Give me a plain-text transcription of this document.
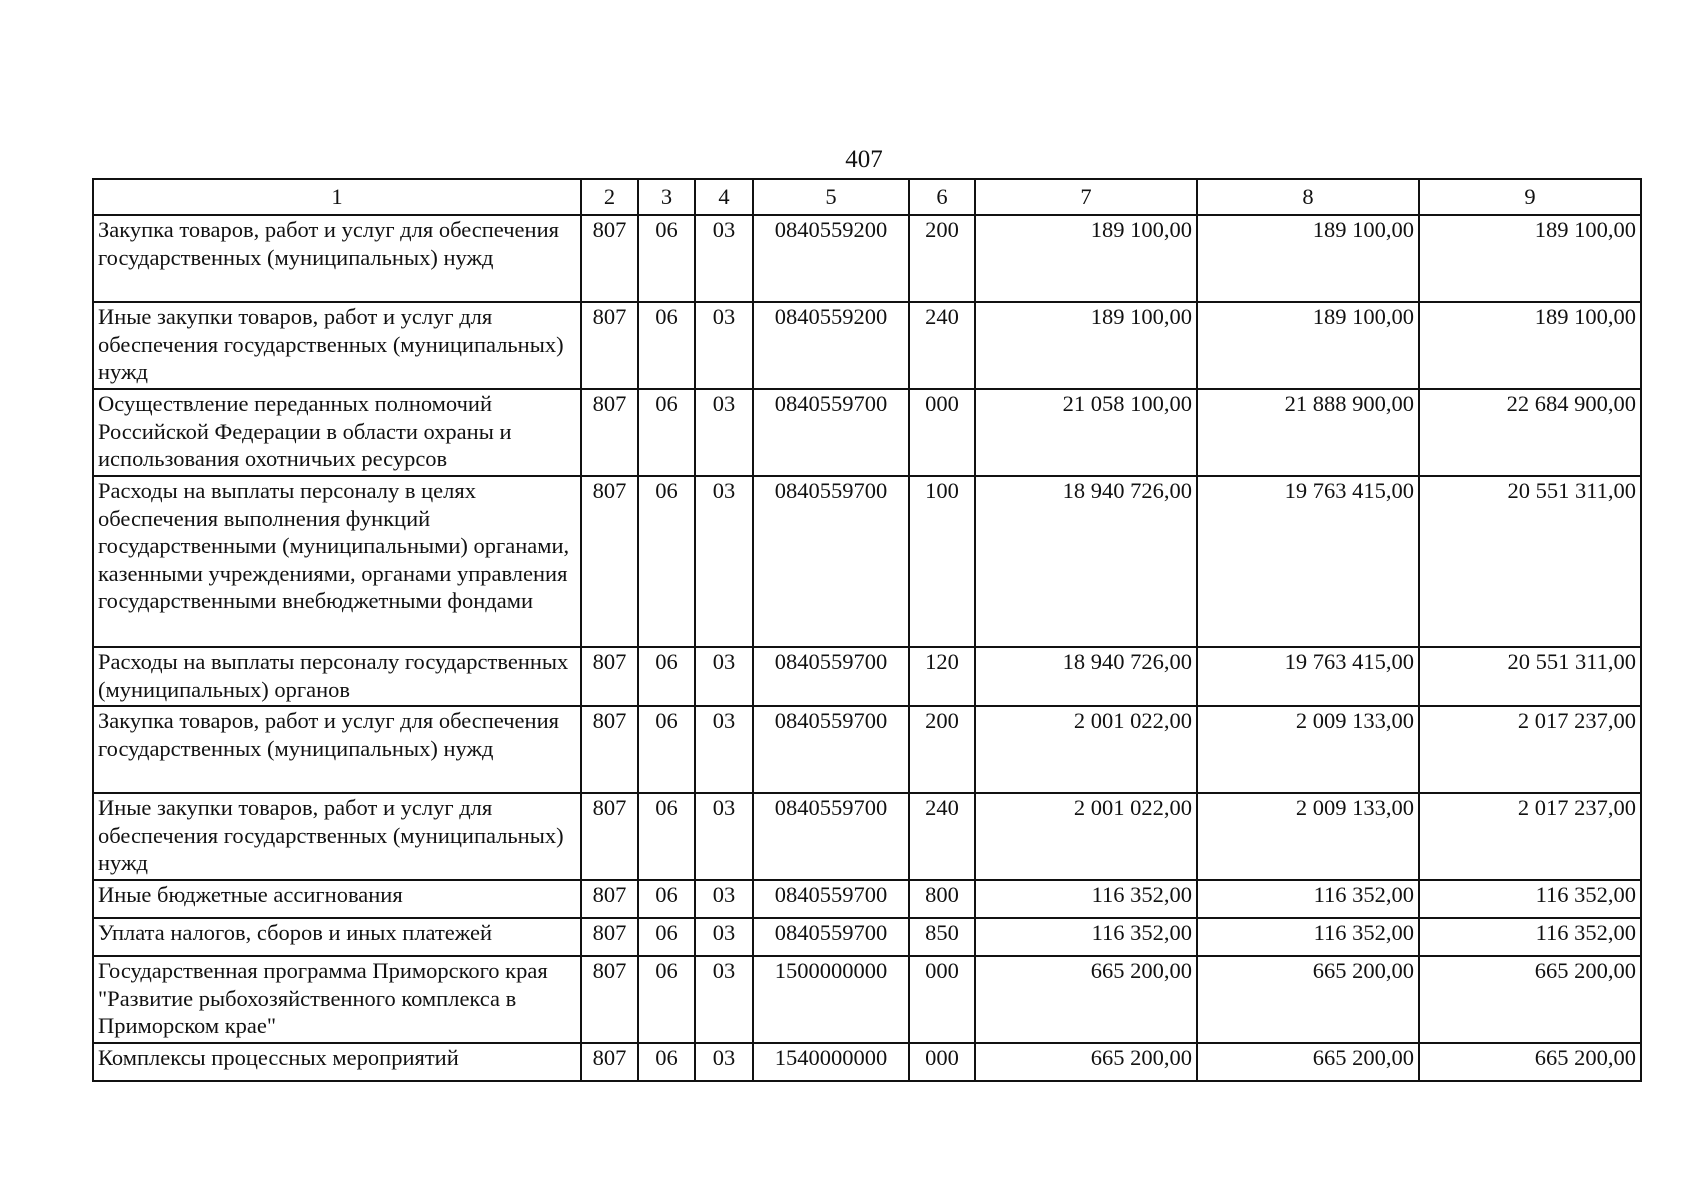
407
1	2	3	4	5	6	7	8	9
Закупка товаров, работ и услуг для обеспечения государственных (муниципальных) нужд	807	06	03	0840559200	200	189 100,00	189 100,00	189 100,00
Иные закупки товаров, работ и услуг для обеспечения государственных (муниципальных) нужд	807	06	03	0840559200	240	189 100,00	189 100,00	189 100,00
Осуществление переданных полномочий Российской Федерации в области охраны и использования охотничьих ресурсов	807	06	03	0840559700	000	21 058 100,00	21 888 900,00	22 684 900,00
Расходы на выплаты персоналу в целях обеспечения выполнения функций государственными (муниципальными) органами, казенными учреждениями, органами управления государственными внебюджетными фондами	807	06	03	0840559700	100	18 940 726,00	19 763 415,00	20 551 311,00
Расходы на выплаты персоналу государственных (муниципальных) органов	807	06	03	0840559700	120	18 940 726,00	19 763 415,00	20 551 311,00
Закупка товаров, работ и услуг для обеспечения государственных (муниципальных) нужд	807	06	03	0840559700	200	2 001 022,00	2 009 133,00	2 017 237,00
Иные закупки товаров, работ и услуг для обеспечения государственных (муниципальных) нужд	807	06	03	0840559700	240	2 001 022,00	2 009 133,00	2 017 237,00
Иные бюджетные ассигнования	807	06	03	0840559700	800	116 352,00	116 352,00	116 352,00
Уплата налогов, сборов и иных платежей	807	06	03	0840559700	850	116 352,00	116 352,00	116 352,00
Государственная программа Приморского края "Развитие рыбохозяйственного комплекса в Приморском крае"	807	06	03	1500000000	000	665 200,00	665 200,00	665 200,00
Комплексы процессных мероприятий	807	06	03	1540000000	000	665 200,00	665 200,00	665 200,00
